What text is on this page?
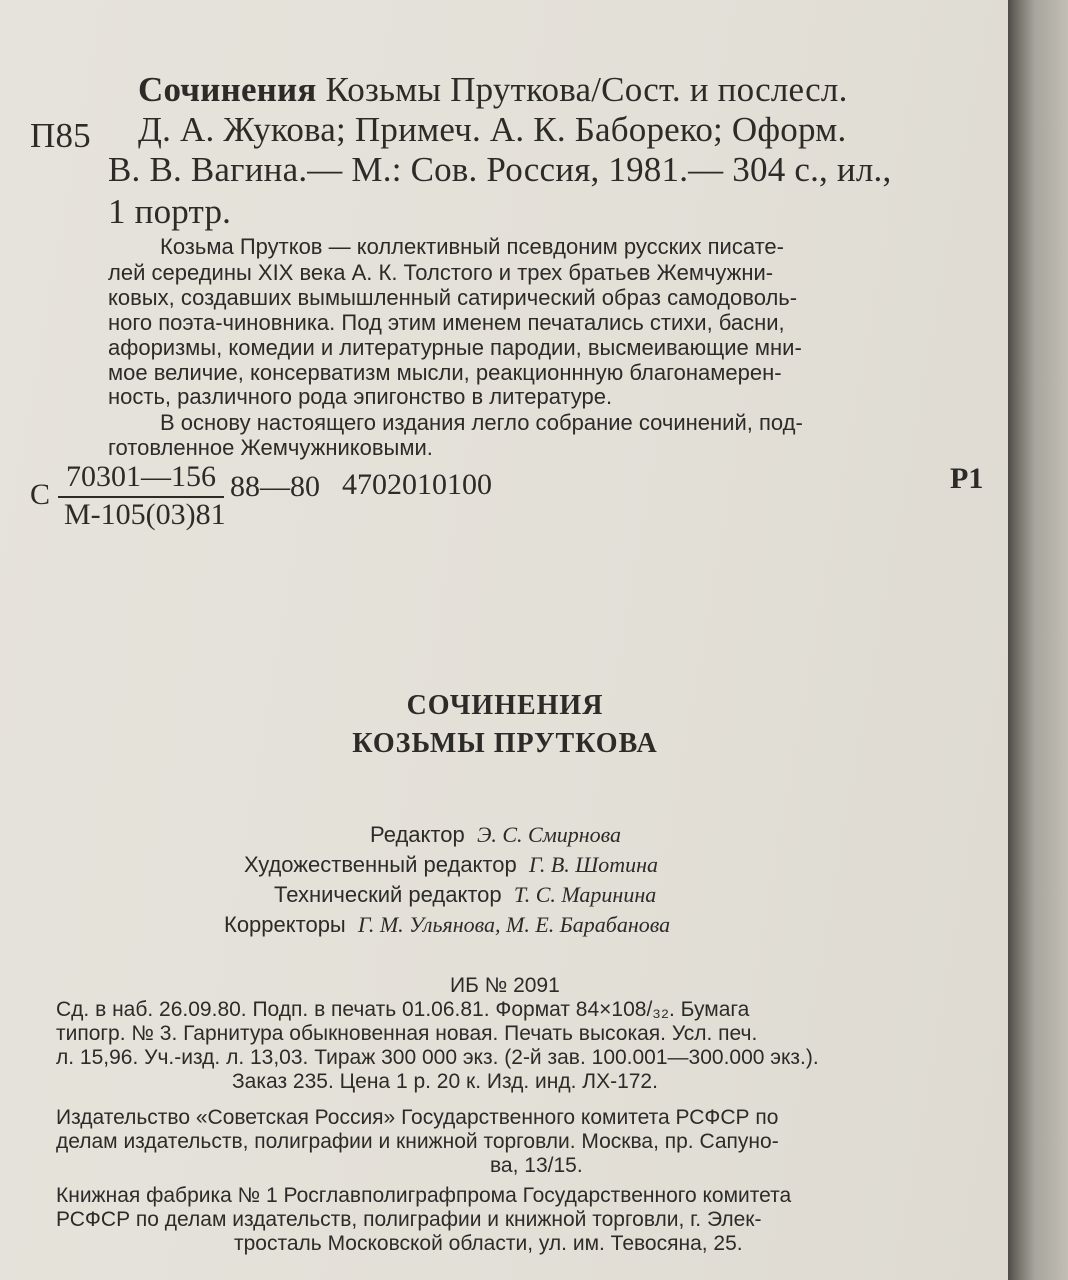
П85
Сочинения Козьмы Пруткова/Сост. и послесл.
Д. А. Жукова; Примеч. А. К. Бабореко; Оформ.
В. В. Вагина.— М.: Сов. Россия, 1981.— 304 с., ил.,
1 портр.
Козьма Прутков — коллективный псевдоним русских писате-
лей середины XIX века А. К. Толстого и трех братьев Жемчужни-
ковых, создавших вымышленный сатирический образ самодоволь-
ного поэта-чиновника. Под этим именем печатались стихи, басни,
афоризмы, комедии и литературные пародии, высмеивающие мни-
мое величие, консерватизм мысли, реакционнную благонамерен-
ность, различного рода эпигонство в литературе.
В основу настоящего издания легло собрание сочинений, под-
готовленное Жемчужниковыми.
С
70301—156
М-105(03)81
88—80 4702010100	Р1
СОЧИНЕНИЯ
КОЗЬМЫ ПРУТКОВА
Редактор Э. С. Смирнова
Художественный редактор Г. В. Шотина
Технический редактор Т. С. Маринина
Корректоры Г. М. Ульянова, М. Е. Барабанова
ИБ № 2091
Сд. в наб. 26.09.80. Подп. в печать 01.06.81. Формат 84×108/₃₂. Бумага
типогр. № 3. Гарнитура обыкновенная новая. Печать высокая. Усл. печ.
л. 15,96. Уч.-изд. л. 13,03. Тираж 300 000 экз. (2-й зав. 100.001—300.000 экз.).
Заказ 235. Цена 1 р. 20 к. Изд. инд. ЛХ-172.
Издательство «Советская Россия» Государственного комитета РСФСР по
делам издательств, полиграфии и книжной торговли. Москва, пр. Сапуно-
ва, 13/15.
Книжная фабрика № 1 Росглавполиграфпрома Государственного комитета
РСФСР по делам издательств, полиграфии и книжной торговли, г. Элек-
тросталь Московской области, ул. им. Тевосяна, 25.
